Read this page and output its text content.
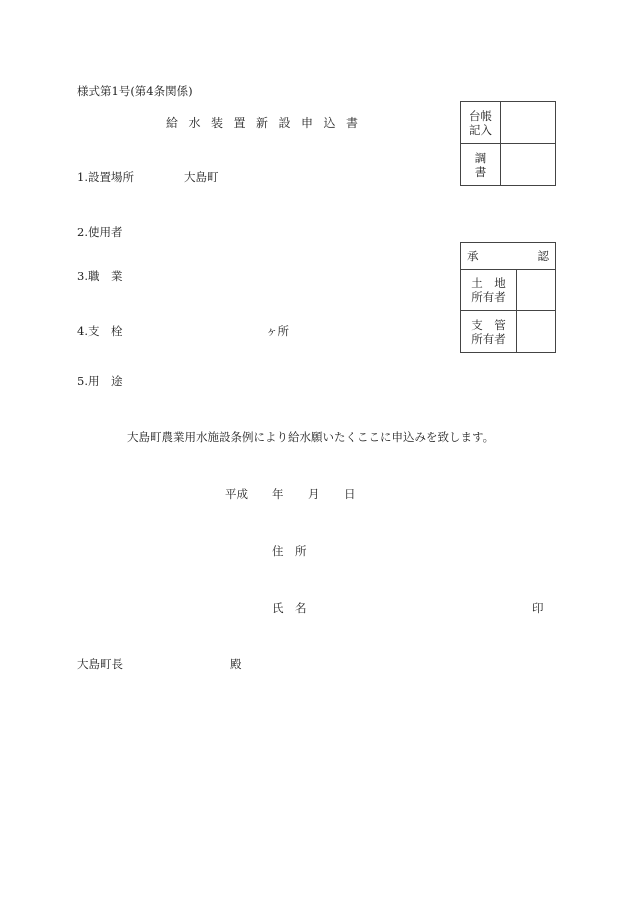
様式第1号(第4条関係)
給水装置新設申込書
1.設置場所	大島町
2.使用者
3.職　業
4.支　栓	ヶ所
5.用　途
大島町農業用水施設条例により給水願いたくここに申込みを致します。
平成 年 月 日
住　所
氏　名	印
大島町長	殿
台帳
記入	

調
書	

承 認	

土　地
所有者	

支　管
所有者	

台帳記入
